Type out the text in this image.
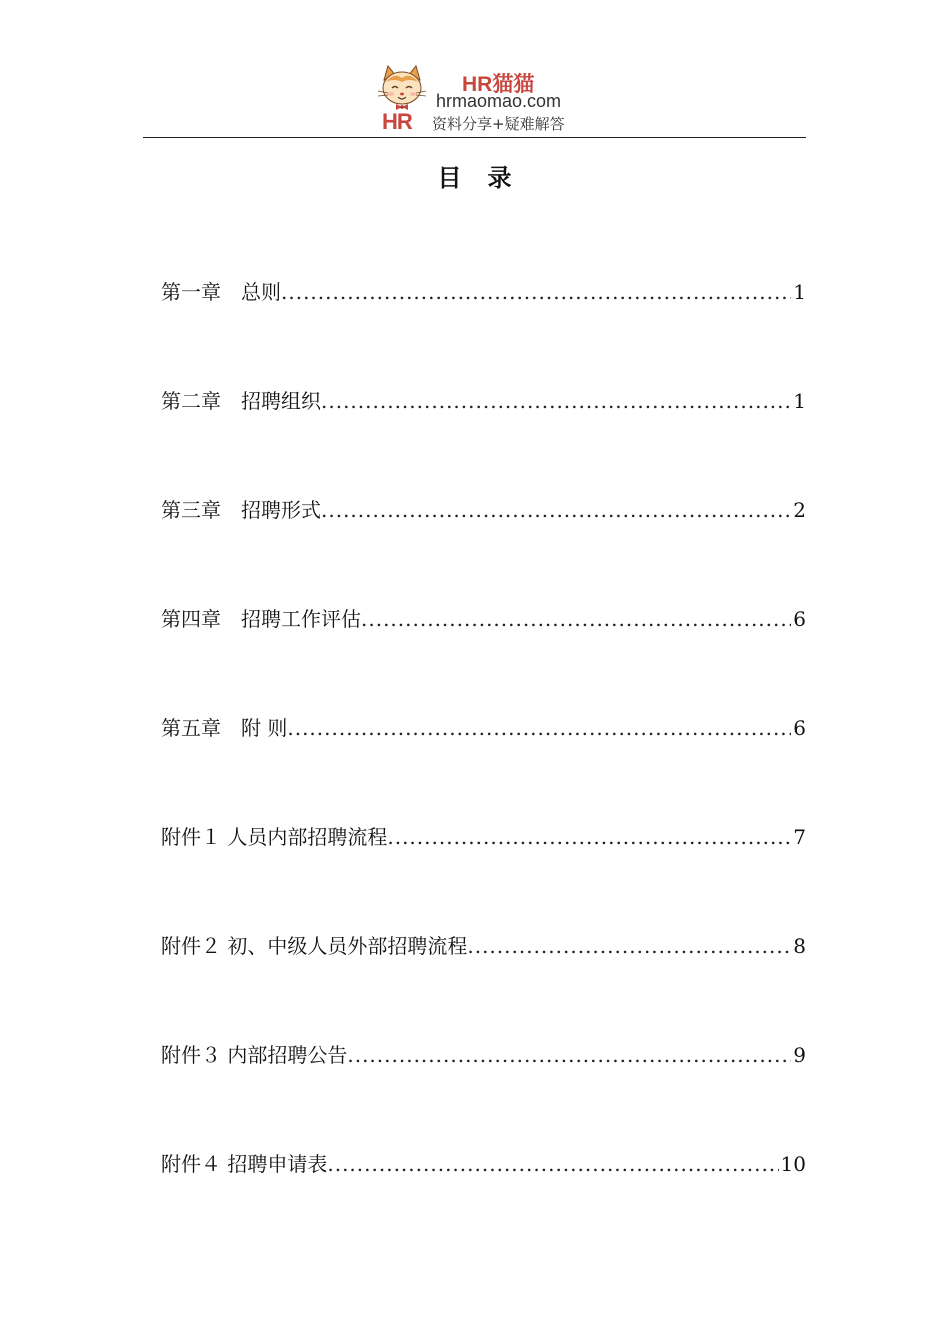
HR
HR猫猫
hrmaomao.com
资料分享+疑难解答
目　录
第一章　总则 .....	1
第二章　招聘组织 .....	1
第三章　招聘形式 .....	2
第四章　招聘工作评估 .....	6
第五章　附 则 .....	6
附件１ 人员内部招聘流程 .....	7
附件２ 初、中级人员外部招聘流程 .....	8
附件３ 内部招聘公告 .....	9
附件４ 招聘申请表 .....	10
